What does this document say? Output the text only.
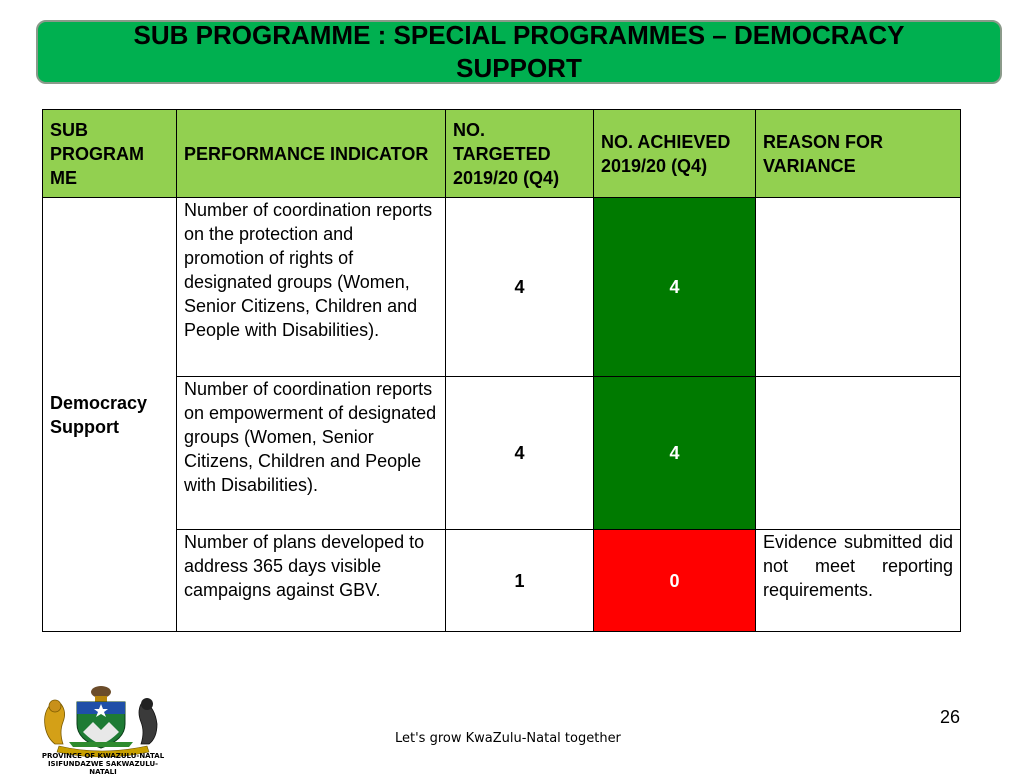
SUB PROGRAMME : SPECIAL PROGRAMMES – DEMOCRACY SUPPORT
SUB PROGRAM ME	PERFORMANCE INDICATOR	NO. TARGETED 2019/20 (Q4)	NO. ACHIEVED 2019/20 (Q4)	REASON FOR VARIANCE
Democracy Support	Number of coordination reports on the protection and promotion of rights of designated groups (Women, Senior Citizens, Children and People with Disabilities).	4	4	
	Number of coordination reports on empowerment of designated groups (Women, Senior Citizens, Children and People with Disabilities).	4	4	
	Number of plans developed to address 365 days visible campaigns against GBV.	1	0	Evidence submitted did not meet reporting requirements.
PROVINCE OF KWAZULU-NATAL
ISIFUNDAZWE SAKWAZULU-NATALI
Let's grow KwaZulu-Natal together
26
